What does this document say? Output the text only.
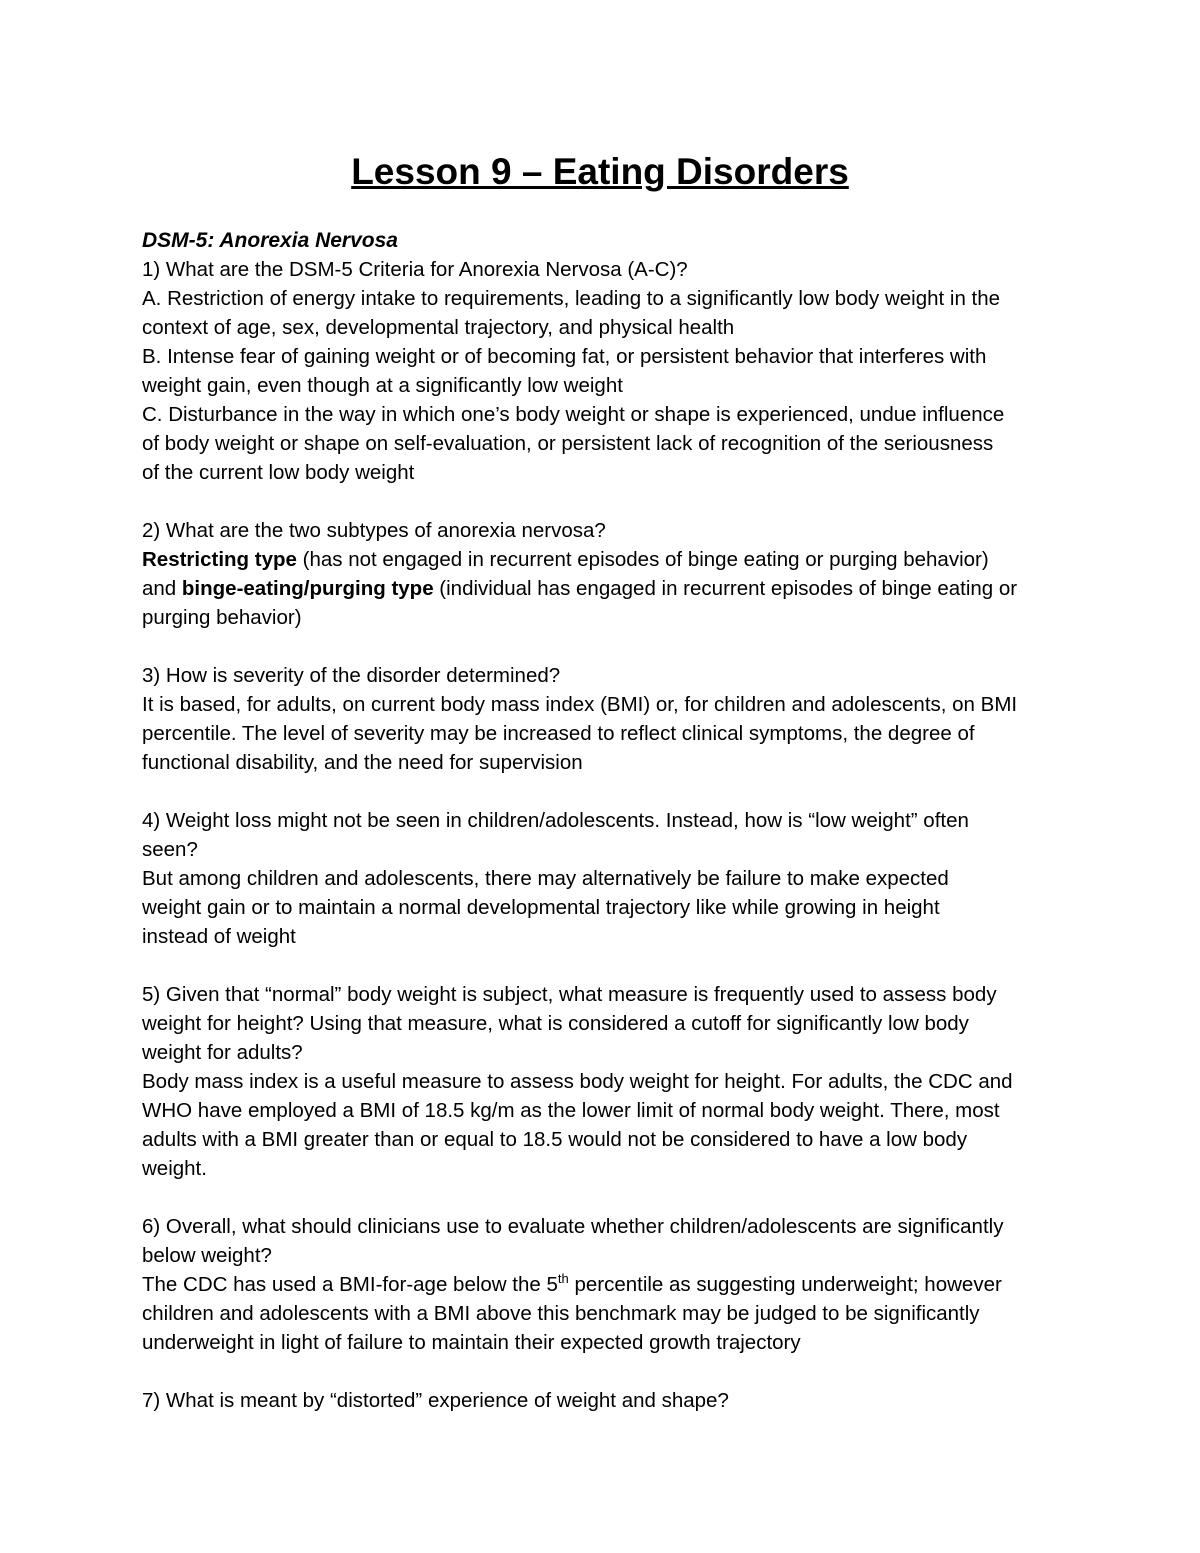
Lesson 9 – Eating Disorders

DSM-5: Anorexia Nervosa

1) What are the DSM-5 Criteria for Anorexia Nervosa (A-C)?

A. Restriction of energy intake to requirements, leading to a significantly low body weight in the

context of age, sex, developmental trajectory, and physical health

B. Intense fear of gaining weight or of becoming fat, or persistent behavior that interferes with

weight gain, even though at a significantly low weight

C. Disturbance in the way in which one’s body weight or shape is experienced, undue influence

of body weight or shape on self-evaluation, or persistent lack of recognition of the seriousness

of the current low body weight

2) What are the two subtypes of anorexia nervosa?

Restricting type (has not engaged in recurrent episodes of binge eating or purging behavior)

and binge-eating/purging type (individual has engaged in recurrent episodes of binge eating or

purging behavior)

3) How is severity of the disorder determined?

It is based, for adults, on current body mass index (BMI) or, for children and adolescents, on BMI

percentile. The level of severity may be increased to reflect clinical symptoms, the degree of

functional disability, and the need for supervision

4) Weight loss might not be seen in children/adolescents. Instead, how is “low weight” often

seen?

But among children and adolescents, there may alternatively be failure to make expected

weight gain or to maintain a normal developmental trajectory like while growing in height

instead of weight

5) Given that “normal” body weight is subject, what measure is frequently used to assess body

weight for height? Using that measure, what is considered a cutoff for significantly low body

weight for adults?

Body mass index is a useful measure to assess body weight for height. For adults, the CDC and

WHO have employed a BMI of 18.5 kg/m as the lower limit of normal body weight. There, most

adults with a BMI greater than or equal to 18.5 would not be considered to have a low body

weight.

6) Overall, what should clinicians use to evaluate whether children/adolescents are significantly

below weight?

The CDC has used a BMI-for-age below the 5th percentile as suggesting underweight; however

children and adolescents with a BMI above this benchmark may be judged to be significantly

underweight in light of failure to maintain their expected growth trajectory

7) What is meant by “distorted” experience of weight and shape?
